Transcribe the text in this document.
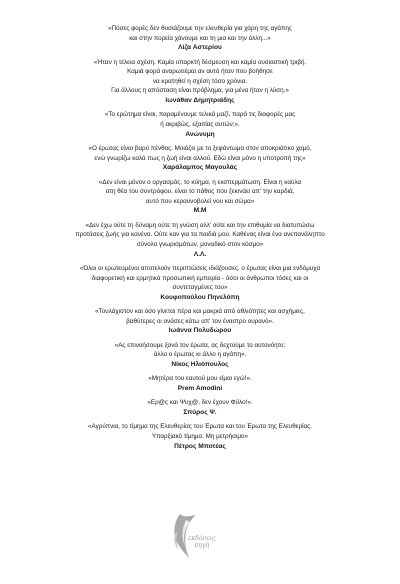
«Πόσες φορές δεν θυσιάζουμε την ελευθερία για χάρη της αγάπης
και στην πορεία χάνουμε και τη μια και την άλλη...»
Λίζα Αστερίου
«Ήταν η τέλεια σχέση. Καμία υπαρκτή δέσμευση και καμία ουσιαστική τριβή.
Καμιά φορά αναρωτιέμαι αν αυτό ήταν που βοήθησε
να κρατηθεί η σχέση τόσο χρόνια.
Για άλλους η απόσταση είναι πρόβλημα, για μένα ήταν η λύση.»
Ιωνάθαν Δημητριάδης
«Το ερώτημα είναι, παραμένουμε τελικά μαζί, παρά τις διαφορές μας
ή ακριβώς, εξαιτίας αυτών;».
Ανώνυμη
«Ο έρωτας είναι βαρύ πένθος. Μοιάζει με το ξεφάντωμα στον αποκριάτικο χαμό,
ενώ γνωρίζω καλά πως η ζωή είναι αλλού. Εδώ είναι μόνο η υποτροπή της»
Χαράλαμπος Μαγουλάς
«Δεν είναι μόνον ο οργασμός, το κύημα, η εκσπερμάτωση. Είναι η καύλα
στη θέα του συντρόφου, είναι το πάθος που ξεκινάει απ' την καρδιά,
αυτό που κεραυνοβολεί νου και σώμα»
Μ.Μ
«Δεν έχω ούτε τη δύναμη ούτε τη γνώση αλλ' ούτε και την επιθυμία να διατυπώσω
προτάσεις ζωής για κανένα. Ούτε καν για τα παιδιά μου. Καθένας είναι ένα ανεπανάληπτο
σύνολο γνωρισμάτων, μοναδικό στον κόσμο»
Λ.Λ.
«Όλοι οι ερωτευμένοι αποτελούν περιπτώσεις ιδιάζουσες. ο έρωτας είναι μια ενδόμυχα
διαφορετική και ερμητικά προσωπική εμπειρία - όσοι οι άνθρωποι τόσες και οι
συντεταγμένες του»
Κουφοπούλου Πηνελόπη
«Τουλάχιστον και όσο γίνεται πέρα και μακριά από αθλιότητες και ασχήμιες,
βαθύτερες οι ανάσες κάτω απ' τον έναστρο ουρανό».
Ιωάννα Πολυδώρου
«Ας επινοήσουμε ξανά τον έρωτα, ας δεχτούμε το αυτονόητο:
άλλο ο έρωτας κι άλλο η αγάπη».
Νίκος Ηλιόπουλος
«Μητέρα του εαυτού μου είμαι εγώ!».
Prem Amodini
«Ερ@ς και Ψυχ@, δεν έχουν Φύλο!».
Σπύρος Ψ.
«Αγρύπνια, το τίμημα της Ελευθερίας του Έρωτα και του Έρωτα της Ελευθερίας.
Υπαρξιακό τίμημα. Μη μετρήσιμο»
Πέτρος Μποτέας
εκδόσεις
πηγή
